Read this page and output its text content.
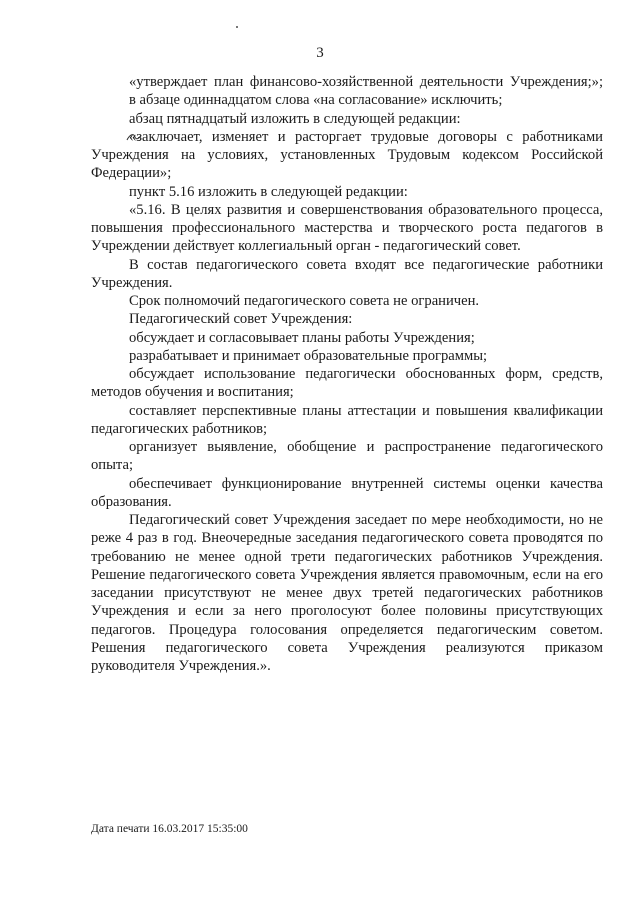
3

«утверждает план финансово-хозяйственной деятельности Учреждения;»;

в абзаце одиннадцатом слова «на согласование» исключить;

абзац пятнадцатый изложить в следующей редакции:

«заключает, изменяет и расторгает трудовые договоры с работниками Учреждения на условиях, установленных Трудовым кодексом Российской Федерации»;

пункт 5.16 изложить в следующей редакции:

«5.16. В целях развития и совершенствования образовательного процесса, повышения профессионального мастерства и творческого роста педагогов в Учреждении действует коллегиальный орган - педагогический совет.

В состав педагогического совета входят все педагогические работники Учреждения.

Срок полномочий педагогического совета не ограничен.

Педагогический совет Учреждения:

обсуждает и согласовывает планы работы Учреждения;

разрабатывает и принимает образовательные программы;

обсуждает использование педагогически обоснованных форм, средств, методов обучения и воспитания;

составляет перспективные планы аттестации и повышения квалификации педагогических работников;

организует выявление, обобщение и распространение педагогического опыта;

обеспечивает функционирование внутренней системы оценки качества образования.

Педагогический совет Учреждения заседает по мере необходимости, но не реже 4 раз в год. Внеочередные заседания педагогического совета проводятся по требованию не менее одной трети педагогических работников Учреждения. Решение педагогического совета Учреждения является правомочным, если на его заседании присутствуют не менее двух третей педагогических работников Учреждения и если за него проголосуют более половины присутствующих педагогов. Процедура голосования определяется педагогическим советом. Решения педагогического совета Учреждения реализуются приказом руководителя Учреждения.».

Дата печати 16.03.2017 15:35:00
